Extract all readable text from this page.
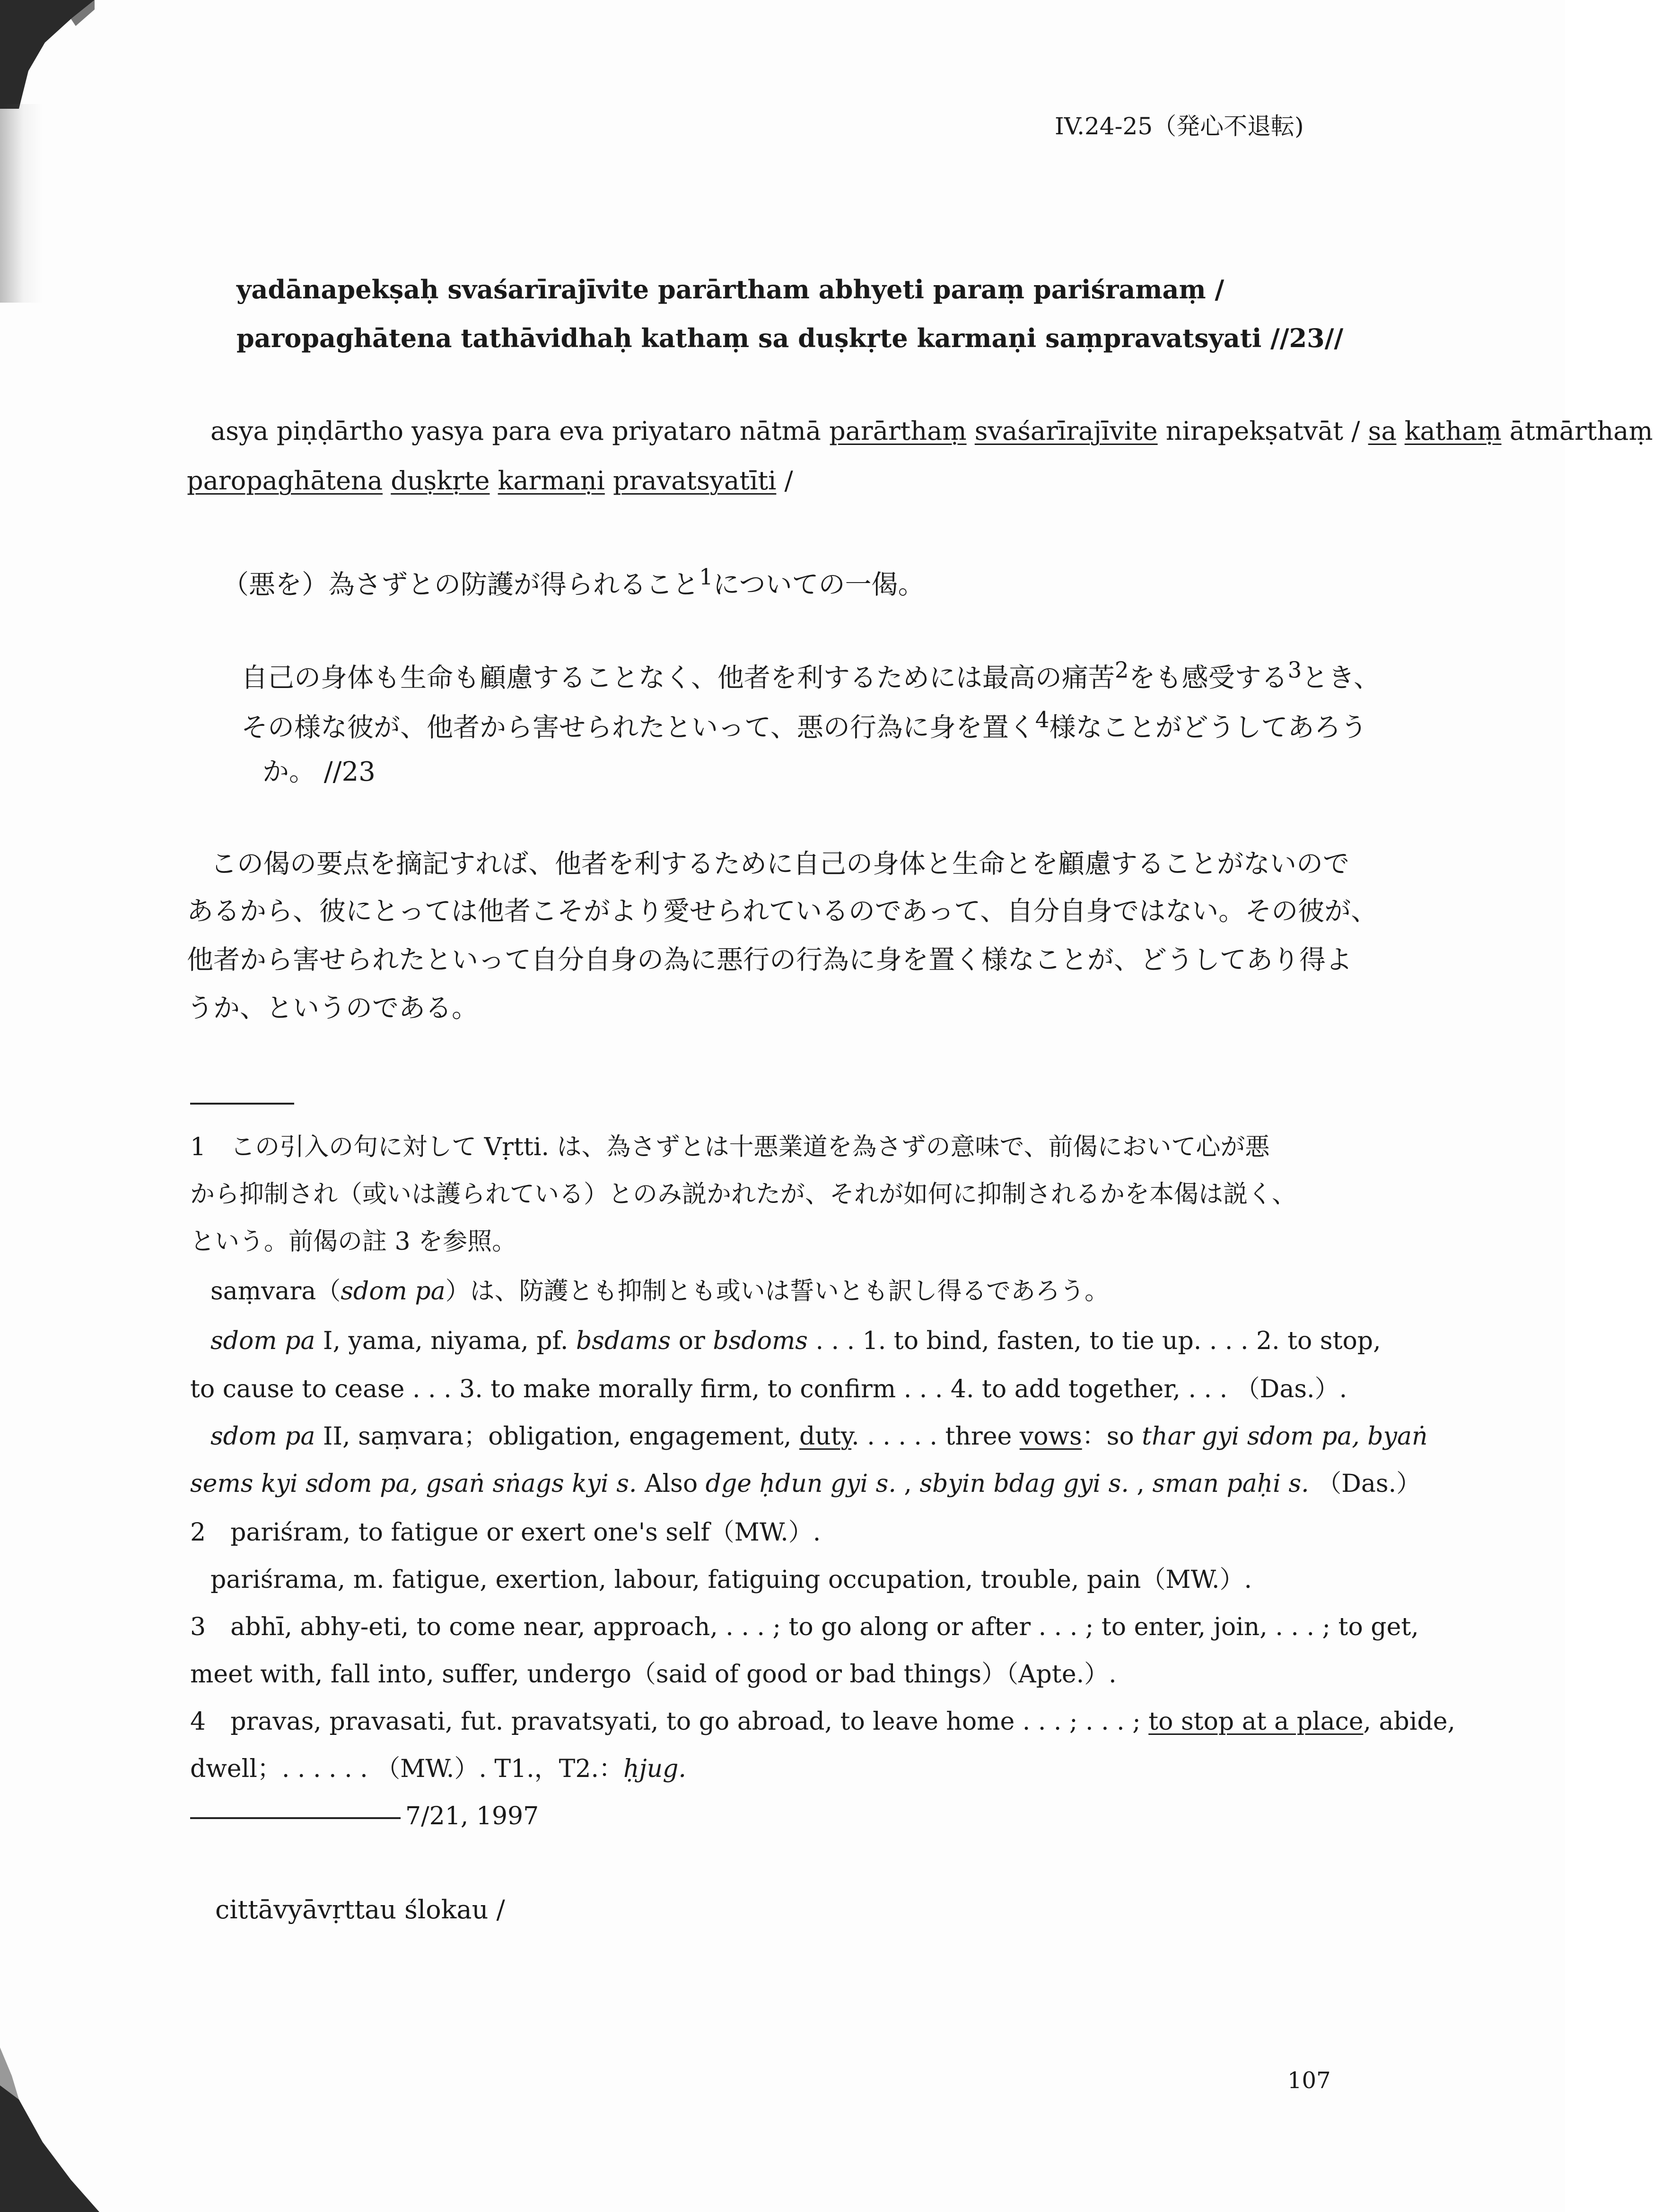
IV.24-25（発心不退転)
yadānapekṣaḥ svaśarīrajīvite parārtham abhyeti paraṃ pariśramaṃ /
paropaghātena tathāvidhaḥ kathaṃ sa duṣkṛte karmaṇi saṃpravatsyati //23//
asya piṇḍārtho yasya para eva priyataro nātmā parārthaṃ svaśarīrajīvite nirapekṣatvāt / sa kathaṃ ātmārthaṃ
paropaghātena duṣkṛte karmaṇi pravatsyatīti /
（悪を）為さずとの防護が得られること$^1$についての一偈。
自己の身体も生命も顧慮することなく、他者を利するためには最高の痛苦$^2$をも感受する$^3$とき、
その様な彼が、他者から害せられたといって、悪の行為に身を置く$^4$様なことがどうしてあろう
か。 //23
この偈の要点を摘記すれば、他者を利するために自己の身体と生命とを顧慮することがないので
あるから、彼にとっては他者こそがより愛せられているのであって、自分自身ではない。その彼が、
他者から害せられたといって自分自身の為に悪行の行為に身を置く様なことが、どうしてあり得よ
うか、というのである。
1　この引入の句に対して Vṛtti. は、為さずとは十悪業道を為さずの意味で、前偈において心が悪
から抑制され（或いは護られている）とのみ説かれたが、それが如何に抑制されるかを本偈は説く、
という。前偈の註 3 を参照。
saṃvara（sdom pa）は、防護とも抑制とも或いは誓いとも訳し得るであろう。
sdom pa I, yama, niyama, pf. bsdams or bsdoms . . . 1. to bind, fasten, to tie up. . . . 2. to stop,
to cause to cease . . . 3. to make morally firm, to confirm . . . 4. to add together, . . . （Das.）.
sdom pa II, saṃvara；obligation, engagement, duty. . . . . . three vows：so thar gyi sdom pa, byaṅ
sems kyi sdom pa, gsaṅ sṅags kyi s. Also dge ḥdun gyi s. , sbyin bdag gyi s. , sman paḥi s. （Das.）
2　pariśram, to fatigue or exert one's self（MW.）.
pariśrama, m. fatigue, exertion, labour, fatiguing occupation, trouble, pain（MW.）.
3　abhī, abhy-eti, to come near, approach, . . . ; to go along or after . . . ; to enter, join, . . . ; to get,
meet with, fall into, suffer, undergo（said of good or bad things）（Apte.）.
4　pravas, pravasati, fut. pravatsyati, to go abroad, to leave home . . . ; . . . ; to stop at a place, abide,
dwell；. . . . . . （MW.）. T1.，T2.：ḥjug.
7/21, 1997
cittāvyāvṛttau ślokau /
107
